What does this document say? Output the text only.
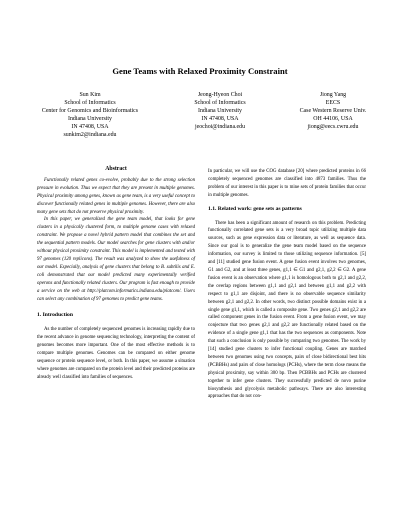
Gene Teams with Relaxed Proximity Constraint
Sun Kim
School of Informatics
Center for Genomics and Bioinformatics
Indiana University
IN 47408, USA
sunkim2@indiana.edu
Jeong-Hyeon Choi
School of Informatics
Indiana University
IN 47408, USA
jeochoi@indiana.edu
Jiong Yang
EECS
Case Western Reserve Univ.
OH 44106, USA
jiong@eecs.cwru.edu
Abstract

Functionally related genes co-evolve, probably due to the strong selection pressure in evolution. Thus we expect that they are present in multiple genomes. Physical proximity among genes, known as gene team, is a very useful concept to discover functionally related genes in multiple genomes. However, there are also many gene sets that do not preserve physical proximity.

In this paper, we generalized the gene team model, that looks for gene clusters in a physically clustered form, to multiple genome cases with relaxed constraint. We propose a novel hybrid pattern model that combines the set and the sequential pattern models. Our model searches for gene clusters with and/or without physical proximity constraint. This model is implemented and tested with 97 genomes (120 replicons). The result was analyzed to show the usefulness of our model. Especially, analysis of gene clusters that belong to B. subtilis and E. coli demonstrated that our model predicted many experimentally verified operons and functionally related clusters. Our program is fast enough to provide a service on the web at http://platcom.informatics.indiana.edu/platcom/. Users can select any combination of 97 genomes to predict gene teams.

1. Introduction

As the number of completely sequenced genomes is increasing rapidly due to the recent advance in genome sequencing technology, interpreting the content of genomes becomes more important. One of the most effective methods is to compare multiple genomes. Genomes can be compared on either genome sequence or protein sequence level, or both. In this paper, we assume a situation where genomes are compared on the protein level and their predicted proteins are already well classified into families of sequences.

In particular, we will use the COG database [20] where predicted proteins in 66 completely sequenced genomes are classified into 4873 families. Thus the problem of our interest in this paper is to mine sets of protein families that occur in multiple genomes.

1.1. Related work: gene sets as patterns

There has been a significant amount of research on this problem. Predicting functionally correlated gene sets is a very broad topic utilizing multiple data sources, such as gene expression data or literature, as well as sequence data. Since our goal is to generalize the gene team model based on the sequence information, our survey is limited to those utilizing sequence information. [5] and [11] studied gene fusion event. A gene fusion event involves two genomes, G1 and G2, and at least three genes, g1,1 ∈ G1 and g2,1, g2,2 ∈ G2. A gene fusion event is an observation where g1,1 is homologous both to g2,1 and g2,2, the overlap regions between g1,1 and g2,1 and between g1,1 and g2,2 with respect to g1,1 are disjoint, and there is no observable sequence similarity between g2,1 and g2,2. In other words, two distinct possible domains exist in a single gene g1,1, which is called a composite gene. Two genes g2,1 and g2,2 are called component genes in the fusion event. From a gene fusion event, we may conjecture that two genes g2,1 and g2,2 are functionally related based on the evidence of a single gene g1,1 that has the two sequences as components. Note that such a conclusion is only possible by comparing two genomes. The work by [14] studied gene clusters to infer functional coupling. Genes are matched between two genomes using two concepts, pairs of close bidirectional best hits (PCBBHs) and pairs of close homologs (PCHs), where the term close means the physical proximity, say within 300 bp. Then PCBBHs and PCHs are clustered together to infer gene clusters. They successfully predicted de novo purine biosynthesis and glycolysis metabolic pathways. There are also interesting approaches that do not con-
